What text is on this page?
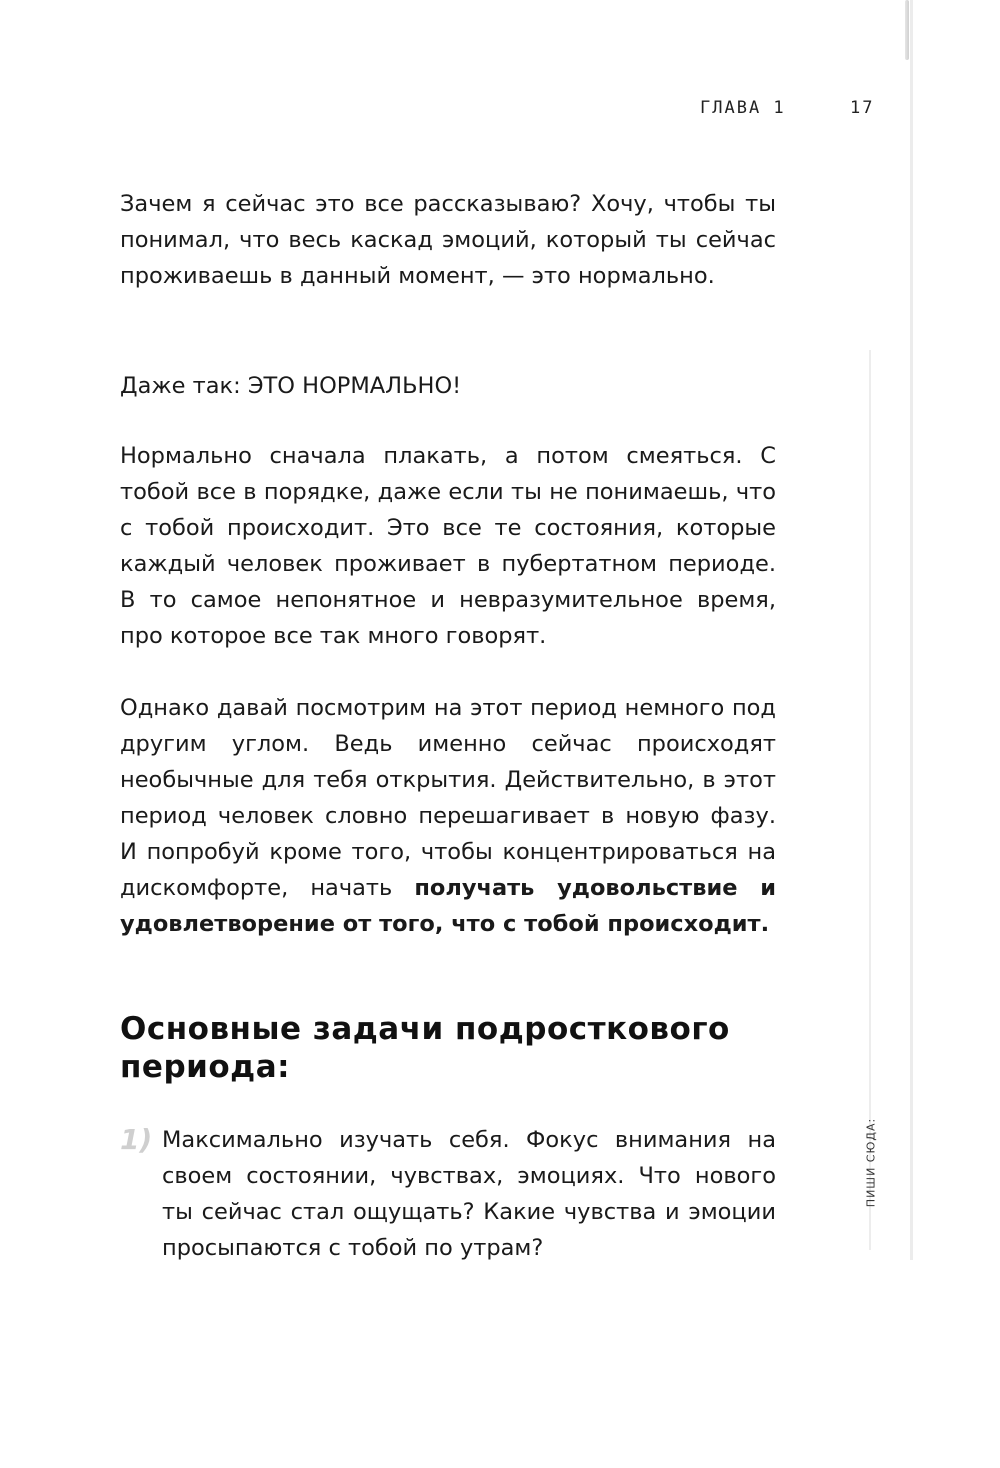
ГЛАВА 1	17
Зачем я сейчас это все рассказываю? Хочу, чтобы ты понимал, что весь каскад эмоций, который ты сейчас проживаешь в данный момент, — это нормально.
Даже так: ЭТО НОРМАЛЬНО!
Нормально сначала плакать, а потом смеяться. С тобой все в порядке, даже если ты не понимаешь, что с тобой происходит. Это все те состояния, которые каждый человек проживает в пубертатном периоде. В то самое непонятное и невразумительное время, про которое все так много говорят.
Однако давай посмотрим на этот период немного под другим углом. Ведь именно сейчас происходят необычные для тебя открытия. Действительно, в этот период человек словно перешагивает в новую фазу. И попробуй кроме того, чтобы концентрироваться на дискомфорте, начать получать удовольствие и удовлетворение от того, что с тобой происходит.
Основные задачи подросткового периода:
1) Максимально изучать себя. Фокус внимания на своем состоянии, чувствах, эмоциях. Что нового ты сейчас стал ощущать? Какие чувства и эмоции просыпаются с тобой по утрам?
ПИШИ СЮДА:
